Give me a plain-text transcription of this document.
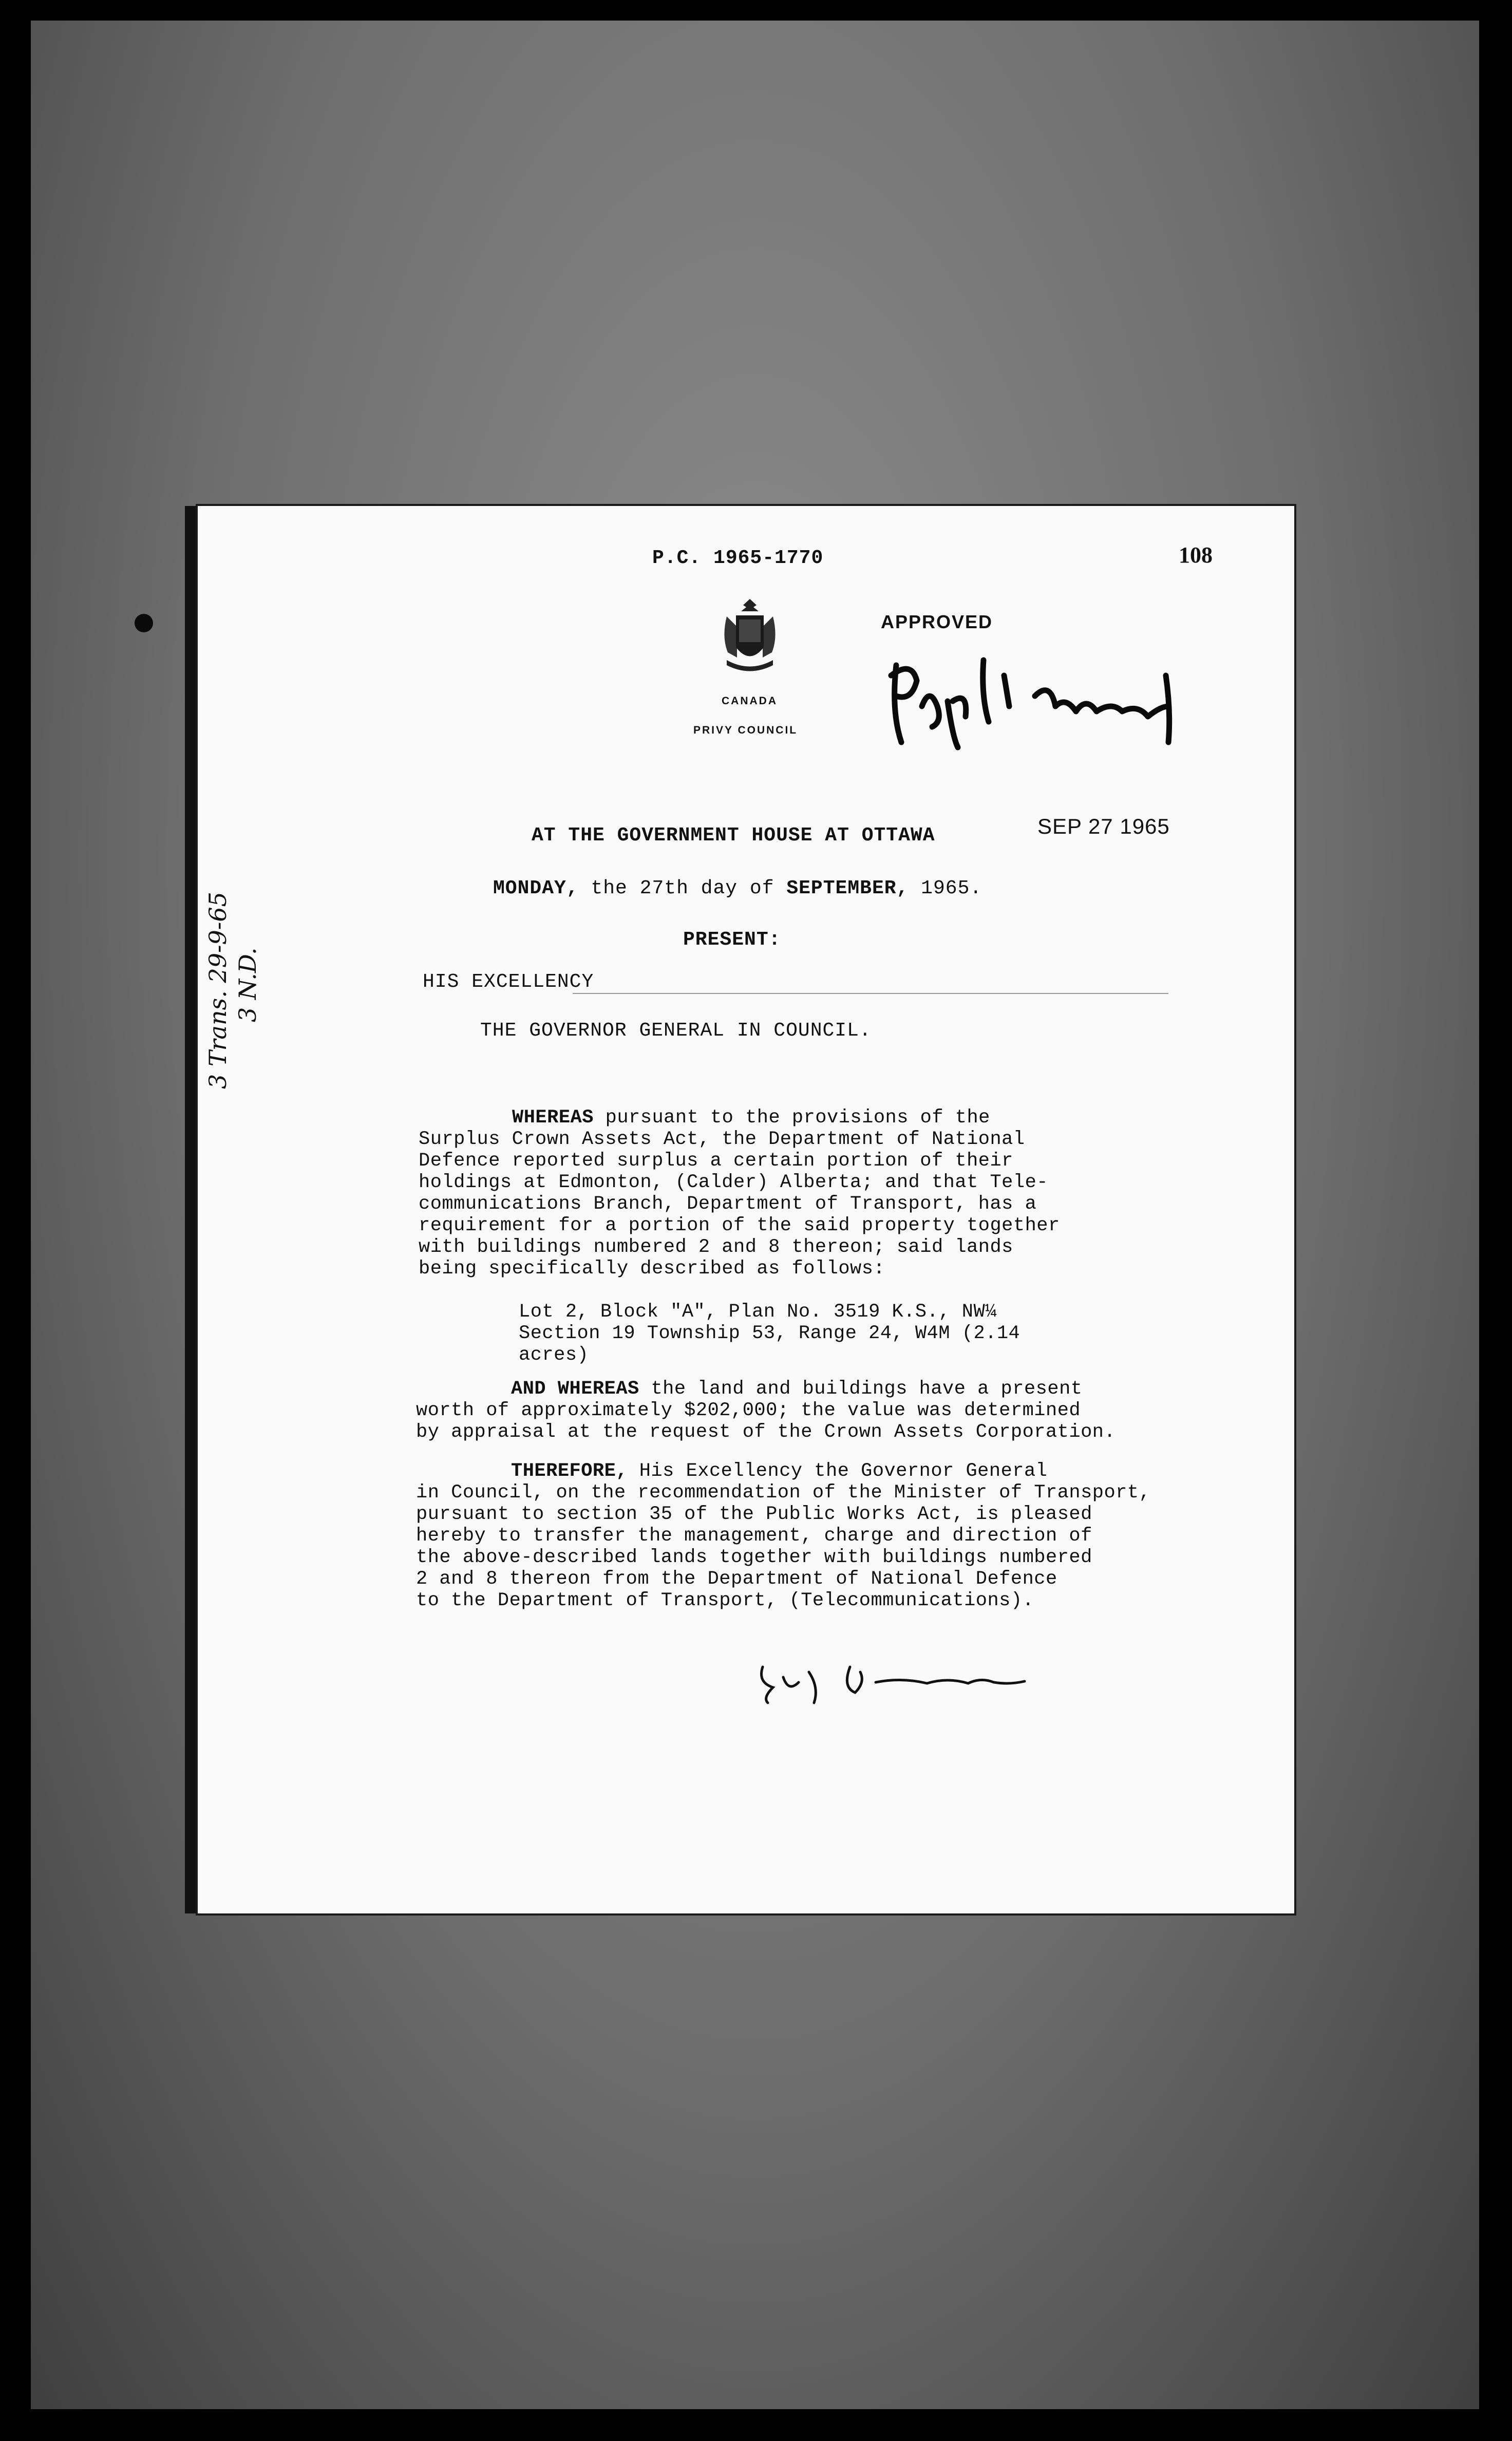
P.C. 1965-1770	108
CANADA
PRIVY COUNCIL
APPROVED
SEP 27 1965
AT THE GOVERNMENT HOUSE AT OTTAWA
MONDAY, the 27th day of SEPTEMBER, 1965.
PRESENT:
HIS EXCELLENCY
THE GOVERNOR GENERAL IN COUNCIL.

WHEREAS pursuant to the provisions of the

Surplus Crown Assets Act, the Department of National

Defence reported surplus a certain portion of their

holdings at Edmonton, (Calder) Alberta; and that Tele-

communications Branch, Department of Transport, has a

requirement for a portion of the said property together

with buildings numbered 2 and 8 thereon; said lands

being specifically described as follows:

Lot 2, Block "A", Plan No. 3519 K.S., NW¼

Section 19 Township 53, Range 24, W4M (2.14

acres)

AND WHEREAS the land and buildings have a present

worth of approximately $202,000; the value was determined

by appraisal at the request of the Crown Assets Corporation.

THEREFORE, His Excellency the Governor General

in Council, on the recommendation of the Minister of Transport,

pursuant to section 35 of the Public Works Act, is pleased

hereby to transfer the management, charge and direction of

the above-described lands together with buildings numbered

2 and 8 thereon from the Department of National Defence

to the Department of Transport, (Telecommunications).

3 Trans. 29-9-65 3 N.D.
